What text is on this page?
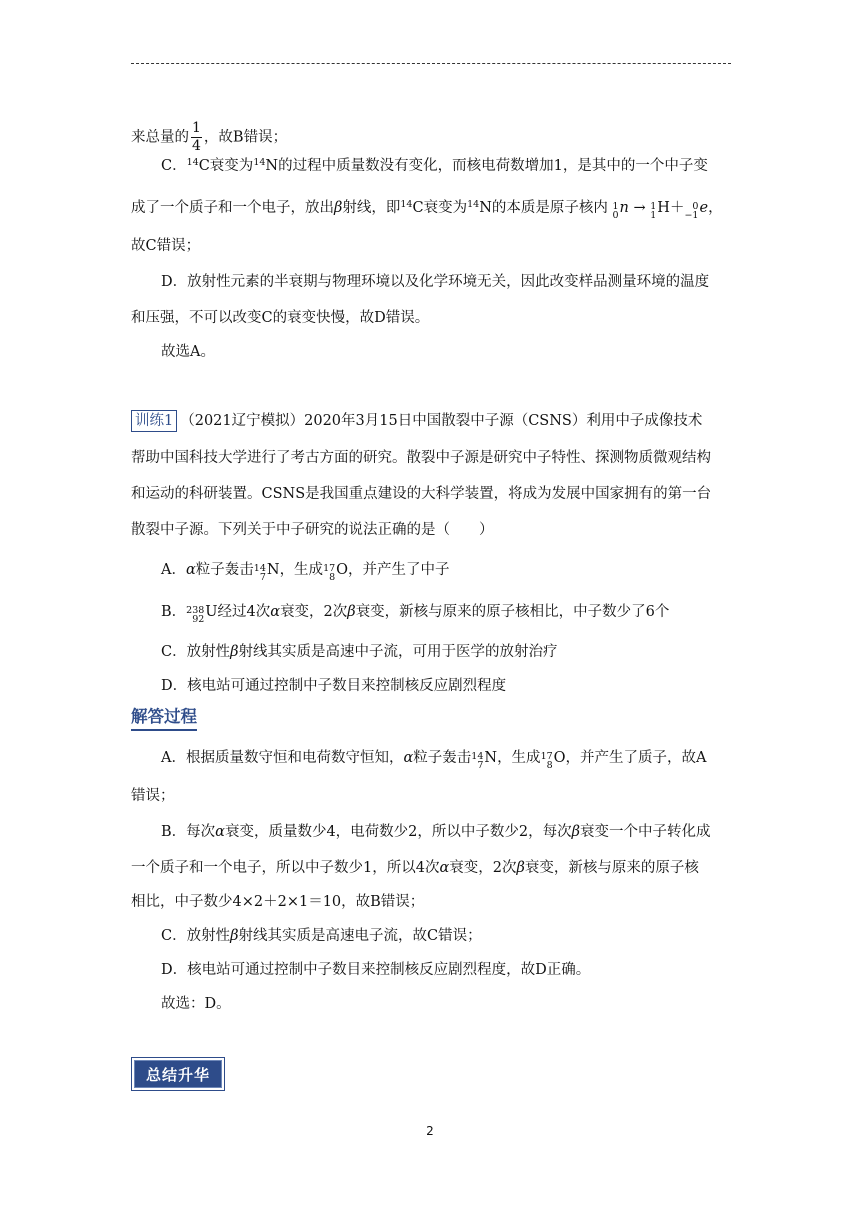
来总量的 $\frac{1}{4}$ ，故B错误；
C．$^{14}$C衰变为$^{14}$N的过程中质量数没有变化，而核电荷数增加1，是其中的一个中子变
成了一个质子和一个电子，放出β射线，即$^{14}$C衰变为$^{14}$N的本质是原子核内 1
0 n → 1
1 H＋ 0
−1 e，
故C错误；
D．放射性元素的半衰期与物理环境以及化学环境无关，因此改变样品测量环境的温度
和压强，不可以改变C的衰变快慢，故D错误。
故选A。
训练1 （2021辽宁模拟）2020年3月15日中国散裂中子源（CSNS）利用中子成像技术
帮助中国科技大学进行了考古方面的研究。散裂中子源是研究中子特性、探测物质微观结构
和运动的科研装置。CSNS是我国重点建设的大科学装置，将成为发展中国家拥有的第一台
散裂中子源。下列关于中子研究的说法正确的是（　　）
A．α粒子轰击 14
7 N，生成 17
8 O，并产生了中子
B． 238
92 U经过4次α衰变，2次β衰变，新核与原来的原子核相比，中子数少了6个
C．放射性β射线其实质是高速中子流，可用于医学的放射治疗
D．核电站可通过控制中子数目来控制核反应剧烈程度
解答过程
A．根据质量数守恒和电荷数守恒知，α粒子轰击 14
7 N，生成 17
8 O，并产生了质子，故A
错误；
B．每次α衰变，质量数少4，电荷数少2，所以中子数少2，每次β衰变一个中子转化成
一个质子和一个电子，所以中子数少1，所以4次α衰变，2次β衰变，新核与原来的原子核
相比，中子数少4×2＋2×1＝10，故B错误；
C．放射性β射线其实质是高速电子流，故C错误；
D．核电站可通过控制中子数目来控制核反应剧烈程度，故D正确。
故选：D。
总结升华
2
